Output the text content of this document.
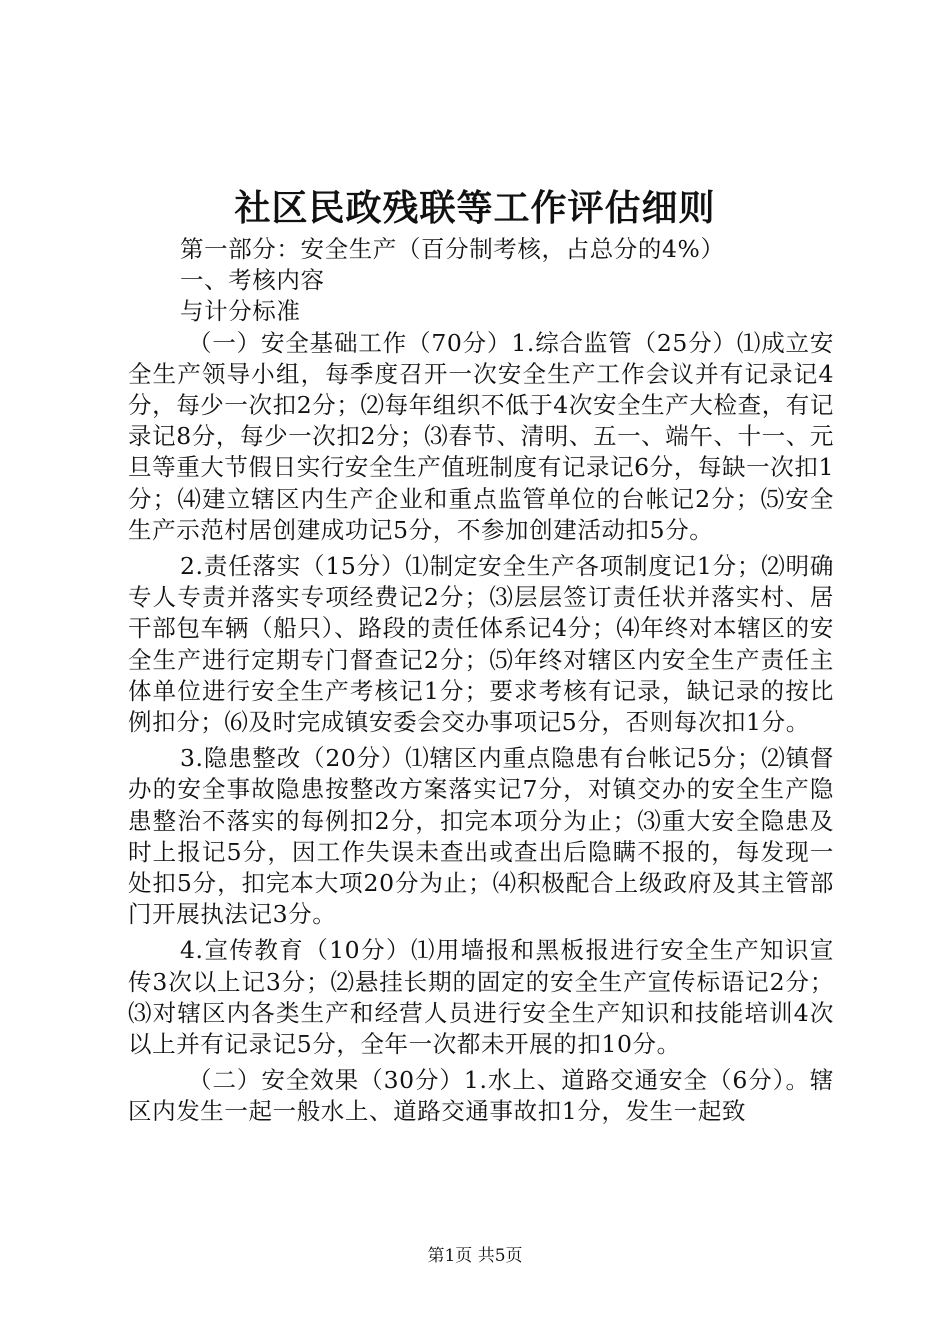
社区民政残联等工作评估细则

第一部分：安全生产（百分制考核，占总分的4%）

一、考核内容

与计分标准

（一）安全基础工作（70分）1.综合监管（25分）⑴成立安全生产领导小组，每季度召开一次安全生产工作会议并有记录记4分，每少一次扣2分；⑵每年组织不低于4次安全生产大检查，有记录记8分，每少一次扣2分；⑶春节、清明、五一、端午、十一、元旦等重大节假日实行安全生产值班制度有记录记6分，每缺一次扣1分；⑷建立辖区内生产企业和重点监管单位的台帐记2分；⑸安全生产示范村居创建成功记5分，不参加创建活动扣5分。

2.责任落实（15分）⑴制定安全生产各项制度记1分；⑵明确专人专责并落实专项经费记2分；⑶层层签订责任状并落实村、居干部包车辆（船只）、路段的责任体系记4分；⑷年终对本辖区的安全生产进行定期专门督查记2分；⑸年终对辖区内安全生产责任主体单位进行安全生产考核记1分；要求考核有记录，缺记录的按比例扣分；⑹及时完成镇安委会交办事项记5分，否则每次扣1分。

3.隐患整改（20分）⑴辖区内重点隐患有台帐记5分；⑵镇督办的安全事故隐患按整改方案落实记7分，对镇交办的安全生产隐患整治不落实的每例扣2分，扣完本项分为止；⑶重大安全隐患及时上报记5分，因工作失误未查出或查出后隐瞒不报的，每发现一处扣5分，扣完本大项20分为止；⑷积极配合上级政府及其主管部门开展执法记3分。

4.宣传教育（10分）⑴用墙报和黑板报进行安全生产知识宣传3次以上记3分；⑵悬挂长期的固定的安全生产宣传标语记2分；⑶对辖区内各类生产和经营人员进行安全生产知识和技能培训4次以上并有记录记5分，全年一次都未开展的扣10分。

（二）安全效果（30分）1.水上、道路交通安全（6分）。辖区内发生一起一般水上、道路交通事故扣1分，发生一起致

第1页 共5页
